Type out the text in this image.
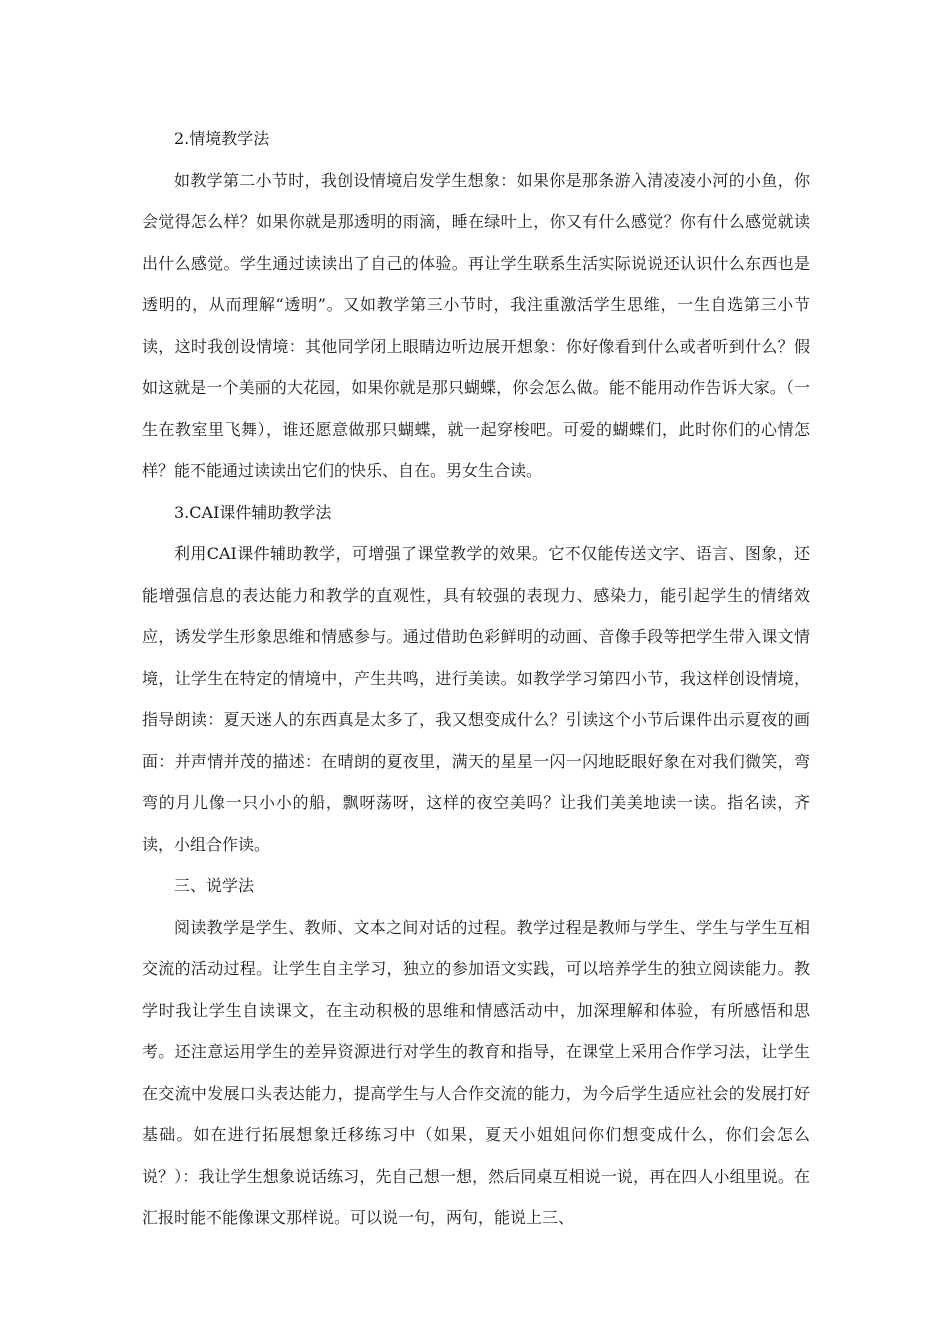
2.情境教学法

如教学第二小节时，我创设情境启发学生想象：如果你是那条游入清凌凌小河的小鱼，你会觉得怎么样？如果你就是那透明的雨滴，睡在绿叶上，你又有什么感觉？你有什么感觉就读出什么感觉。学生通过读读出了自己的体验。再让学生联系生活实际说说还认识什么东西也是透明的，从而理解“透明”。又如教学第三小节时，我注重激活学生思维，一生自选第三小节读，这时我创设情境：其他同学闭上眼睛边听边展开想象：你好像看到什么或者听到什么？假如这就是一个美丽的大花园，如果你就是那只蝴蝶，你会怎么做。能不能用动作告诉大家。（一生在教室里飞舞），谁还愿意做那只蝴蝶，就一起穿梭吧。可爱的蝴蝶们，此时你们的心情怎样？能不能通过读读出它们的快乐、自在。男女生合读。

3.CAI课件辅助教学法

利用CAI课件辅助教学，可增强了课堂教学的效果。它不仅能传送文字、语言、图象，还能增强信息的表达能力和教学的直观性，具有较强的表现力、感染力，能引起学生的情绪效应，诱发学生形象思维和情感参与。通过借助色彩鲜明的动画、音像手段等把学生带入课文情境，让学生在特定的情境中，产生共鸣，进行美读。如教学学习第四小节，我这样创设情境，指导朗读：夏天迷人的东西真是太多了，我又想变成什么？引读这个小节后课件出示夏夜的画面：并声情并茂的描述：在晴朗的夏夜里，满天的星星一闪一闪地眨眼好象在对我们微笑，弯弯的月儿像一只小小的船，飘呀荡呀，这样的夜空美吗？让我们美美地读一读。指名读，齐读，小组合作读。

三、说学法

阅读教学是学生、教师、文本之间对话的过程。教学过程是教师与学生、学生与学生互相交流的活动过程。让学生自主学习，独立的参加语文实践，可以培养学生的独立阅读能力。教学时我让学生自读课文，在主动积极的思维和情感活动中，加深理解和体验，有所感悟和思考。还注意运用学生的差异资源进行对学生的教育和指导，在课堂上采用合作学习法，让学生在交流中发展口头表达能力，提高学生与人合作交流的能力，为今后学生适应社会的发展打好基础。如在进行拓展想象迁移练习中（如果，夏天小姐姐问你们想变成什么，你们会怎么说？）：我让学生想象说话练习，先自己想一想，然后同桌互相说一说，再在四人小组里说。在汇报时能不能像课文那样说。可以说一句，两句，能说上三、
